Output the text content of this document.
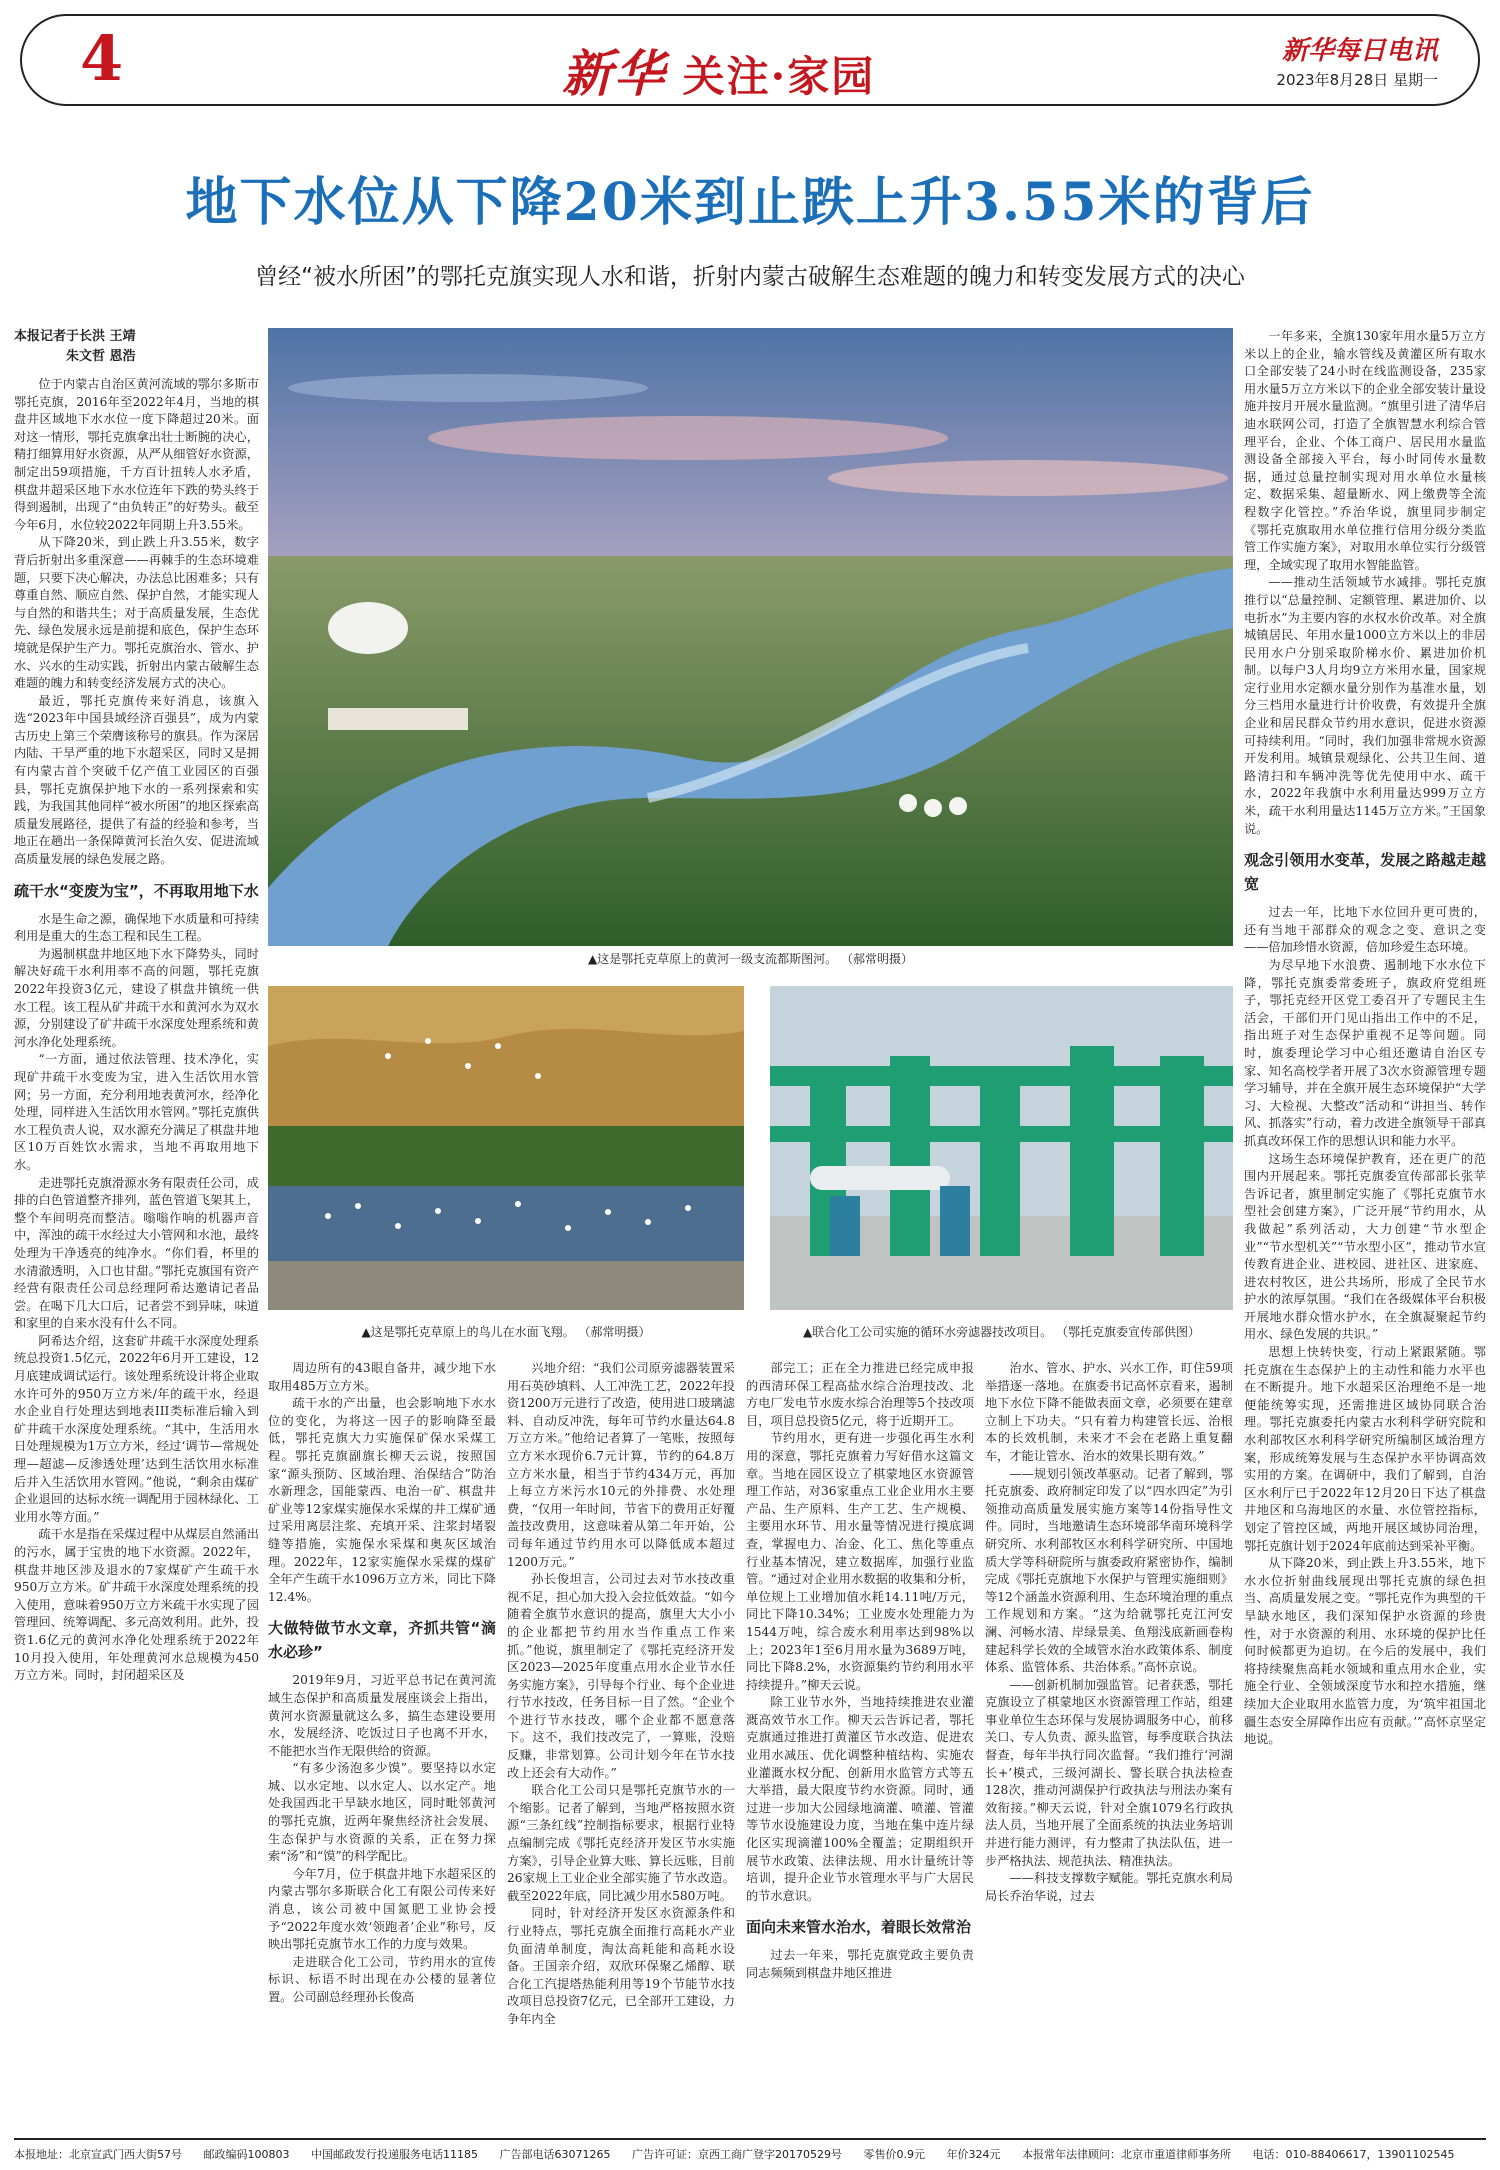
4	新华 关注·家园
新华每日电讯
2023年8月28日 星期一
地下水位从下降20米到止跌上升3.55米的背后
曾经“被水所困”的鄂托克旗实现人水和谐，折射内蒙古破解生态难题的魄力和转变发展方式的决心
本报记者于长洪 王靖
朱文哲 恩浩

位于内蒙古自治区黄河流域的鄂尔多斯市鄂托克旗，2016年至2022年4月，当地的棋盘井区域地下水水位一度下降超过20米。面对这一情形，鄂托克旗拿出壮士断腕的决心，精打细算用好水资源，从严从细管好水资源，制定出59项措施，千方百计扭转人水矛盾，棋盘井超采区地下水水位连年下跌的势头终于得到遏制，出现了“由负转正”的好势头。截至今年6月，水位较2022年同期上升3.55米。

从下降20米，到止跌上升3.55米，数字背后折射出多重深意——再棘手的生态环境难题，只要下决心解决，办法总比困难多；只有尊重自然、顺应自然、保护自然，才能实现人与自然的和谐共生；对于高质量发展，生态优先、绿色发展永远是前提和底色，保护生态环境就是保护生产力。鄂托克旗治水、管水、护水、兴水的生动实践，折射出内蒙古破解生态难题的魄力和转变经济发展方式的决心。

最近，鄂托克旗传来好消息，该旗入选“2023年中国县域经济百强县”，成为内蒙古历史上第三个荣膺该称号的旗县。作为深居内陆、干旱严重的地下水超采区，同时又是拥有内蒙古首个突破千亿产值工业园区的百强县，鄂托克旗保护地下水的一系列探索和实践，为我国其他同样“被水所困”的地区探索高质量发展路径，提供了有益的经验和参考，当地正在趟出一条保障黄河长治久安、促进流域高质量发展的绿色发展之路。

疏干水“变废为宝”，不再取用地下水

水是生命之源，确保地下水质量和可持续利用是重大的生态工程和民生工程。

为遏制棋盘井地区地下水下降势头，同时解决好疏干水利用率不高的问题，鄂托克旗2022年投资3亿元，建设了棋盘井镇统一供水工程。该工程从矿井疏干水和黄河水为双水源，分别建设了矿井疏干水深度处理系统和黄河水净化处理系统。

“一方面，通过依法管理、技术净化，实现矿井疏干水变废为宝，进入生活饮用水管网；另一方面，充分利用地表黄河水，经净化处理，同样进入生活饮用水管网。”鄂托克旗供水工程负责人说，双水源充分满足了棋盘井地区10万百姓饮水需求，当地不再取用地下水。

走进鄂托克旗滑源水务有限责任公司，成排的白色管道整齐排列，蓝色管道飞架其上，整个车间明亮而整洁。嗡嗡作响的机器声音中，浑浊的疏干水经过大小管网和水池，最终处理为干净透亮的纯净水。“你们看，杯里的水清澈透明，入口也甘甜。”鄂托克旗国有资产经营有限责任公司总经理阿希达邀请记者品尝。在喝下几大口后，记者尝不到异味，味道和家里的自来水没有什么不同。

阿希达介绍，这套矿井疏干水深度处理系统总投资1.5亿元，2022年6月开工建设，12月底建成调试运行。该处理系统设计将企业取水许可外的950万立方米/年的疏干水，经退水企业自行处理达到地表III类标准后输入到矿井疏干水深度处理系统。“其中，生活用水日处理规模为1万立方米，经过‘调节—常规处理—超滤—反渗透处理’达到生活饮用水标准后并入生活饮用水管网。”他说，“剩余由煤矿企业退回的达标水统一调配用于园林绿化、工业用水等方面。”

疏干水是指在采煤过程中从煤层自然涌出的污水，属于宝贵的地下水资源。2022年，棋盘井地区涉及退水的7家煤矿产生疏干水950万立方米。矿井疏干水深度处理系统的投入使用，意味着950万立方米疏干水实现了园管理回、统筹调配、多元高效利用。此外，投资1.6亿元的黄河水净化处理系统于2022年10月投入使用，年处理黄河水总规模为450万立方米。同时，封闭超采区及

▲这是鄂托克草原上的黄河一级支流都斯图河。 （郝常明摄）
▲这是鄂托克草原上的鸟儿在水面飞翔。 （郝常明摄）	▲联合化工公司实施的循环水旁滤器技改项目。 （鄂托克旗委宣传部供图）

周边所有的43眼自备井，减少地下水取用485万立方米。

疏干水的产出量，也会影响地下水水位的变化，为将这一因子的影响降至最低，鄂托克旗大力实施保矿保水采煤工程。鄂托克旗副旗长柳天云说，按照国家“源头预防、区域治理、治保结合”防治水新理念，国能蒙西、电治一矿、棋盘井矿业等12家煤实施保水采煤的井工煤矿通过采用离层注浆、充填开采、注浆封堵裂缝等措施，实施保水采煤和奥灰区域治理。2022年，12家实施保水采煤的煤矿全年产生疏干水1096万立方米，同比下降12.4%。

大做特做节水文章，齐抓共管“滴水必珍”

2019年9月，习近平总书记在黄河流域生态保护和高质量发展座谈会上指出，黄河水资源量就这么多，搞生态建设要用水，发展经济、吃饭过日子也离不开水，不能把水当作无限供给的资源。

“有多少汤泡多少馍”。要坚持以水定城、以水定地、以水定人、以水定产。地处我国西北干旱缺水地区，同时毗邻黄河的鄂托克旗，近两年聚焦经济社会发展、生态保护与水资源的关系，正在努力探索“汤”和“馍”的科学配比。

今年7月，位于棋盘井地下水超采区的内蒙古鄂尔多斯联合化工有限公司传来好消息，该公司被中国氮肥工业协会授予“2022年度水效‘领跑者’企业”称号，反映出鄂托克旗节水工作的力度与效果。

走进联合化工公司，节约用水的宣传标识、标语不时出现在办公楼的显著位置。公司副总经理孙长俊高

兴地介绍：“我们公司原旁滤器装置采用石英砂填料、人工冲洗工艺，2022年投资1200万元进行了改造，使用进口玻璃滤料、自动反冲洗，每年可节约水量达64.8万立方米。”他给记者算了一笔账，按照每立方米水现价6.7元计算，节约的64.8万立方米水量，相当于节约434万元，再加上每立方米污水10元的外排费、水处理费，“仅用一年时间，节省下的费用正好覆盖技改费用，这意味着从第二年开始，公司每年通过节约用水可以降低成本超过1200万元。”

孙长俊坦言，公司过去对节水技改重视不足，担心加大投入会拉低效益。“如今随着全旗节水意识的提高，旗里大大小小的企业都把节约用水当作重点工作来抓。”他说，旗里制定了《鄂托克经济开发区2023—2025年度重点用水企业节水任务实施方案》，引导每个行业、每个企业进行节水技改，任务目标一目了然。“企业个个进行节水技改，哪个企业都不愿意落下。这不，我们技改完了，一算账，没赔反赚，非常划算。公司计划今年在节水技改上还会有大动作。”

联合化工公司只是鄂托克旗节水的一个缩影。记者了解到，当地严格按照水资源“三条红线”控制指标要求，根据行业特点编制完成《鄂托克经济开发区节水实施方案》，引导企业算大账、算长远账，目前26家规上工业企业全部实施了节水改造。截至2022年底，同比减少用水580万吨。

同时，针对经济开发区水资源条件和行业特点，鄂托克旗全面推行高耗水产业负面清单制度，淘汰高耗能和高耗水设备。王国亲介绍，双欣环保聚乙烯醇、联合化工汽提塔热能利用等19个节能节水技改项目总投资7亿元，已全部开工建设，力争年内全

部完工；正在全力推进已经完成申报的西清环保工程高盐水综合治理技改、北方电厂发电节水废水综合治理等5个技改项目，项目总投资5亿元，将于近期开工。

节约用水，更有进一步强化再生水利用的深意，鄂托克旗着力写好借水这篇文章。当地在园区设立了棋蒙地区水资源管理工作站，对36家重点工业企业用水主要产品、生产原料、生产工艺、生产规模、主要用水环节、用水量等情况进行摸底调查，掌握电力、冶金、化工、焦化等重点行业基本情况，建立数据库，加强行业监管。“通过对企业用水数据的收集和分析，单位规上工业增加值水耗14.11吨/万元，同比下降10.34%；工业废水处理能力为1544万吨，综合废水利用率达到98%以上；2023年1至6月用水量为3689万吨，同比下降8.2%，水资源集约节约利用水平持续提升。”柳天云说。

除工业节水外，当地持续推进农业灌溉高效节水工作。柳天云告诉记者，鄂托克旗通过推进打黄灌区节水改造、促进农业用水减压、优化调整种植结构、实施农业灌溉水权分配、创新用水监管方式等五大举措，最大限度节约水资源。同时，通过进一步加大公园绿地滴灌、喷灌、管灌等节水设施建设力度，当地在集中连片绿化区实现滴灌100%全覆盖；定期组织开展节水政策、法律法规、用水计量统计等培训，提升企业节水管理水平与广大居民的节水意识。

面向未来管水治水，着眼长效常治

过去一年来，鄂托克旗党政主要负责同志频频到棋盘井地区推进

治水、管水、护水、兴水工作，盯住59项举措逐一落地。在旗委书记高怀京看来，遏制地下水位下降不能做表面文章，必须要在建章立制上下功夫。“只有着力构建管长远、治根本的长效机制，未来才不会在老路上重复翻车，才能让管水、治水的效果长期有效。”

——规划引领改革驱动。记者了解到，鄂托克旗委、政府制定印发了以“四水四定”为引领推动高质量发展实施方案等14份指导性文件。同时，当地邀请生态环境部华南环境科学研究所、水利部牧区水利科学研究所、中国地质大学等科研院所与旗委政府紧密协作，编制完成《鄂托克旗地下水保护与管理实施细则》等12个涵盖水资源利用、生态环境治理的重点工作规划和方案。“这为给就鄂托克江河安澜、河畅水清、岸绿景美、鱼翔浅底新画卷构建起科学长效的全域管水治水政策体系、制度体系、监管体系、共治体系。”高怀京说。

——创新机制加强监管。记者获悉，鄂托克旗设立了棋蒙地区水资源管理工作站，组建事业单位生态环保与发展协调服务中心，前移关口、专人负责、源头监管，每季度联合执法督查，每年半执行同次监督。“我们推行‘河湖长+’模式，三级河湖长、警长联合执法检查128次，推动河湖保护行政执法与刑法办案有效衔接。”柳天云说，针对全旗1079名行政执法人员，当地开展了全面系统的执法业务培训并进行能力测评，有力整肃了执法队伍，进一步严格执法、规范执法、精准执法。

——科技支撑数字赋能。鄂托克旗水利局局长乔治华说，过去

一年多来，全旗130家年用水量5万立方米以上的企业，输水管线及黄灌区所有取水口全部安装了24小时在线监测设备，235家用水量5万立方米以下的企业全部安装计量设施并按月开展水量监测。“旗里引进了清华启迪水联网公司，打造了全旗智慧水利综合管理平台，企业、个体工商户、居民用水量监测设备全部接入平台，每小时同传水量数据，通过总量控制实现对用水单位水量核定、数据采集、超量断水、网上缴费等全流程数字化管控。”乔治华说，旗里同步制定《鄂托克旗取用水单位推行信用分级分类监管工作实施方案》，对取用水单位实行分级管理，全域实现了取用水智能监管。

——推动生活领域节水减排。鄂托克旗推行以“总量控制、定额管理、累进加价、以电折水”为主要内容的水权水价改革。对全旗城镇居民、年用水量1000立方米以上的非居民用水户分别采取阶梯水价、累进加价机制。以每户3人月均9立方米用水量，国家规定行业用水定额水量分别作为基准水量，划分三档用水量进行计价收费，有效提升全旗企业和居民群众节约用水意识，促进水资源可持续利用。“同时，我们加强非常规水资源开发利用。城镇景观绿化、公共卫生间、道路清扫和车辆冲洗等优先使用中水、疏干水，2022年我旗中水利用量达999万立方米，疏干水利用量达1145万立方米。”王国象说。

观念引领用水变革，发展之路越走越宽

过去一年，比地下水位回升更可贵的，还有当地干部群众的观念之变、意识之变——倍加珍惜水资源，倍加珍爱生态环境。

为尽早地下水浪费、遏制地下水水位下降，鄂托克旗委常委班子，旗政府党组班子，鄂托克经开区党工委召开了专题民主生活会，干部们开门见山指出工作中的不足，指出班子对生态保护重视不足等问题。同时，旗委理论学习中心组还邀请自治区专家、知名高校学者开展了3次水资源管理专题学习辅导，并在全旗开展生态环境保护“大学习、大检视、大整改”活动和“讲担当、转作风、抓落实”行动，着力改进全旗领导干部真抓真改环保工作的思想认识和能力水平。

这场生态环境保护教育，还在更广的范围内开展起来。鄂托克旗委宣传部部长张苹告诉记者，旗里制定实施了《鄂托克旗节水型社会创建方案》，广泛开展“节约用水，从我做起”系列活动，大力创建“节水型企业”“节水型机关”“节水型小区”，推动节水宣传教育进企业、进校园、进社区、进家庭、进农村牧区，进公共场所，形成了全民节水护水的浓厚氛围。“我们在各级媒体平台积极开展地水群众惜水护水，在全旗凝聚起节约用水、绿色发展的共识。”

思想上快转快变，行动上紧跟紧随。鄂托克旗在生态保护上的主动性和能力水平也在不断提升。地下水超采区治理绝不是一地便能统筹实现，还需推进区域协同联合治理。鄂托克旗委托内蒙古水利科学研究院和水利部牧区水利科学研究所编制区域治理方案，形成统筹发展与生态保护水平协调高效实用的方案。在调研中，我们了解到，自治区水利厅已于2022年12月20日下达了棋盘井地区和乌海地区的水量、水位管控指标，划定了管控区域，两地开展区域协同治理，鄂托克旗计划于2024年底前达到采补平衡。

从下降20米，到止跌上升3.55米，地下水水位折射曲线展现出鄂托克旗的绿色担当、高质量发展之变。“鄂托克作为典型的干旱缺水地区，我们深知保护水资源的珍贵性，对于水资源的利用、水环境的保护比任何时候都更为迫切。在今后的发展中，我们将持续聚焦高耗水领域和重点用水企业，实施全行业、全领域深度节水和控水措施，继续加大企业取用水监管力度，为‘筑牢祖国北疆生态安全屏障作出应有贡献。’”高怀京坚定地说。

本报地址：北京宣武门西大街57号 邮政编码100803 中国邮政发行投递服务电话11185 广告部电话63071265 广告许可证：京西工商广登字20170529号 零售价0.9元 年价324元 本报常年法律顾问：北京市重道律师事务所 电话：010-88406617，13901102545
